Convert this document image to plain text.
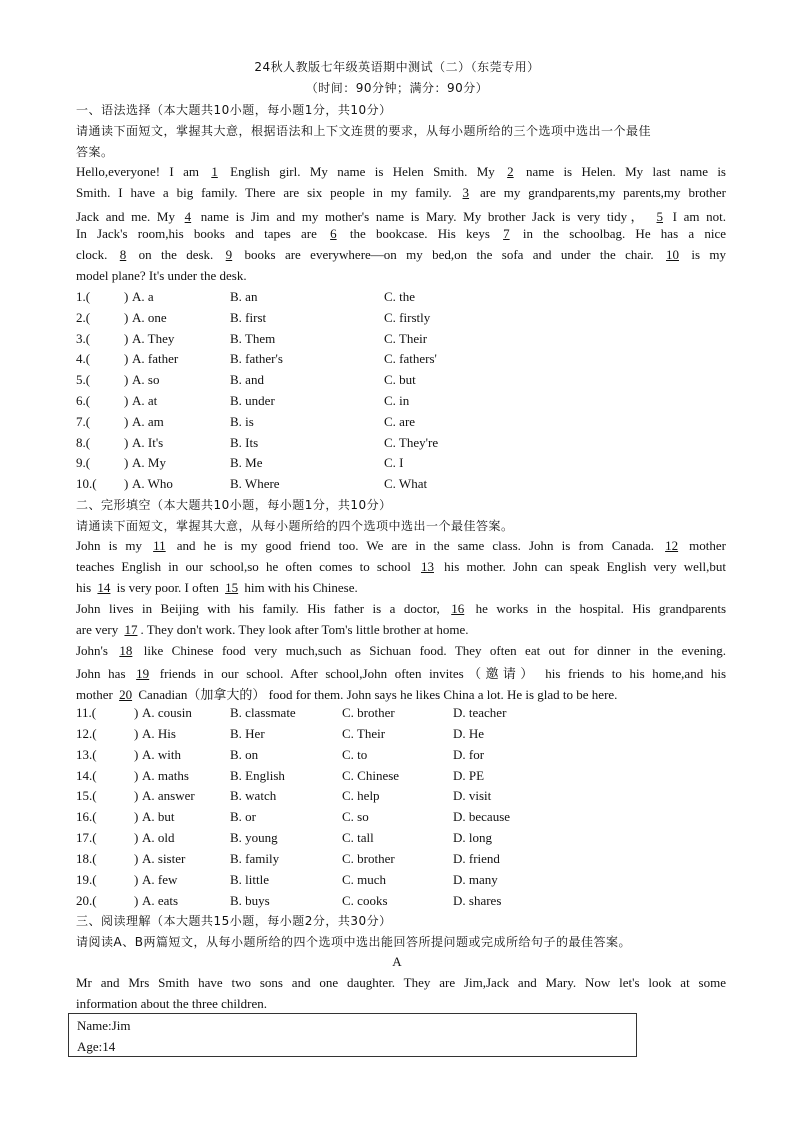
24秋人教版七年级英语期中测试（二）（东莞专用）
（时间：90分钟；满分：90分）
一、语法选择（本大题共10小题，每小题1分，共10分）
请通读下面短文，掌握其大意，根据语法和上下文连贯的要求，从每小题所给的三个选项中选出一个最佳
答案。
Hello,everyone! I am 1 English girl. My name is Helen Smith. My 2 name is Helen. My last name is
Smith. I have a big family. There are six people in my family. 3 are my grandparents,my parents,my brother
Jack and me. My 4 name is Jim and my mother's name is Mary. My brother Jack is very tidy， 5 I am not.
In Jack's room,his books and tapes are 6 the bookcase. His keys 7 in the schoolbag. He has a nice
clock. 8 on the desk. 9 books are everywhere—on my bed,on the sofa and under the chair. 10 is my
model plane? It's under the desk.
1.(	) A. a	B. an	C. the
2.(	) A. one	B. first	C. firstly
3.(	) A. They	B. Them	C. Their
4.(	) A. father	B. father's	C. fathers'
5.(	) A. so	B. and	C. but
6.(	) A. at	B. under	C. in
7.(	) A. am	B. is	C. are
8.(	) A. It's	B. Its	C. They're
9.(	) A. My	B. Me	C. I
10.( ) A. Who	B. Where	C. What
二、完形填空（本大题共10小题，每小题1分，共10分）
请通读下面短文，掌握其大意，从每小题所给的四个选项中选出一个最佳答案。
John is my 11 and he is my good friend too. We are in the same class. John is from Canada. 12 mother
teaches English in our school,so he often comes to school 13 his mother. John can speak English very well,but
his 14 is very poor. I often 15 him with his Chinese.
John lives in Beijing with his family. His father is a doctor, 16 he works in the hospital. His grandparents
are very 17 . They don't work. They look after Tom's little brother at home.
John's 18 like Chinese food very much,such as Sichuan food. They often eat out for dinner in the evening.
John has 19 friends in our school. After school,John often invites（邀请） his friends to his home,and his
mother 20 Canadian（加拿大的） food for them. John says he likes China a lot. He is glad to be here.
11.(	) A. cousin	B. classmate	C. brother	D. teacher
12.(	) A. His	B. Her	C. Their	D. He
13.(	) A. with	B. on	C. to	D. for
14.(	) A. maths	B. English	C. Chinese	D. PE
15.(	) A. answer	B. watch	C. help	D. visit
16.(	) A. but	B. or	C. so	D. because
17.(	) A. old	B. young	C. tall	D. long
18.(	) A. sister	B. family	C. brother	D. friend
19.(	) A. few	B. little	C. much	D. many
20.(	) A. eats	B. buys	C. cooks	D. shares
三、阅读理解（本大题共15小题，每小题2分，共30分）
请阅读A、B两篇短文，从每小题所给的四个选项中选出能回答所提问题或完成所给句子的最佳答案。
A
Mr and Mrs Smith have two sons and one daughter. They are Jim,Jack and Mary. Now let's look at some
information about the three children.
Name:Jim
Age:14
